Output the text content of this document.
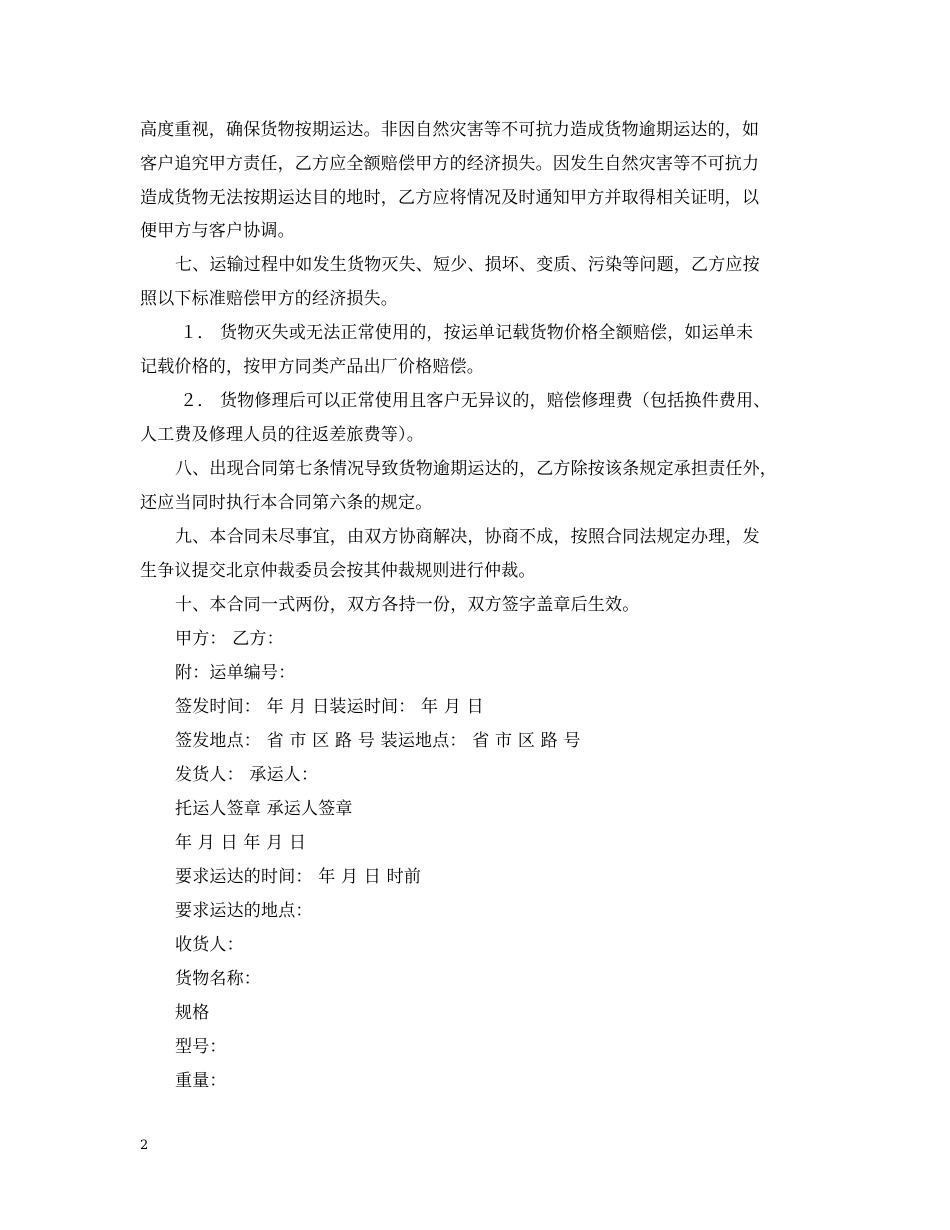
高度重视，确保货物按期运达。非因自然灾害等不可抗力造成货物逾期运达的，如
客户追究甲方责任，乙方应全额赔偿甲方的经济损失。因发生自然灾害等不可抗力
造成货物无法按期运达目的地时，乙方应将情况及时通知甲方并取得相关证明，以
便甲方与客户协调。
七、运输过程中如发生货物灭失、短少、损坏、变质、污染等问题，乙方应按
照以下标准赔偿甲方的经济损失。
１． 货物灭失或无法正常使用的，按运单记载货物价格全额赔偿，如运单未
记载价格的，按甲方同类产品出厂价格赔偿。
２． 货物修理后可以正常使用且客户无异议的，赔偿修理费（包括换件费用、
人工费及修理人员的往返差旅费等）。
八、出现合同第七条情况导致货物逾期运达的，乙方除按该条规定承担责任外，
还应当同时执行本合同第六条的规定。
九、本合同未尽事宜，由双方协商解决，协商不成，按照合同法规定办理，发
生争议提交北京仲裁委员会按其仲裁规则进行仲裁。
十、本合同一式两份，双方各持一份，双方签字盖章后生效。
甲方： 乙方：
附：运单编号：
签发时间： 年 月 日装运时间： 年 月 日
签发地点： 省 市 区 路 号 装运地点： 省 市 区 路 号
发货人： 承运人：
托运人签章 承运人签章
年 月 日 年 月 日
要求运达的时间： 年 月 日 时前
要求运达的地点：
收货人：
货物名称：
规格
型号：
重量：
2
